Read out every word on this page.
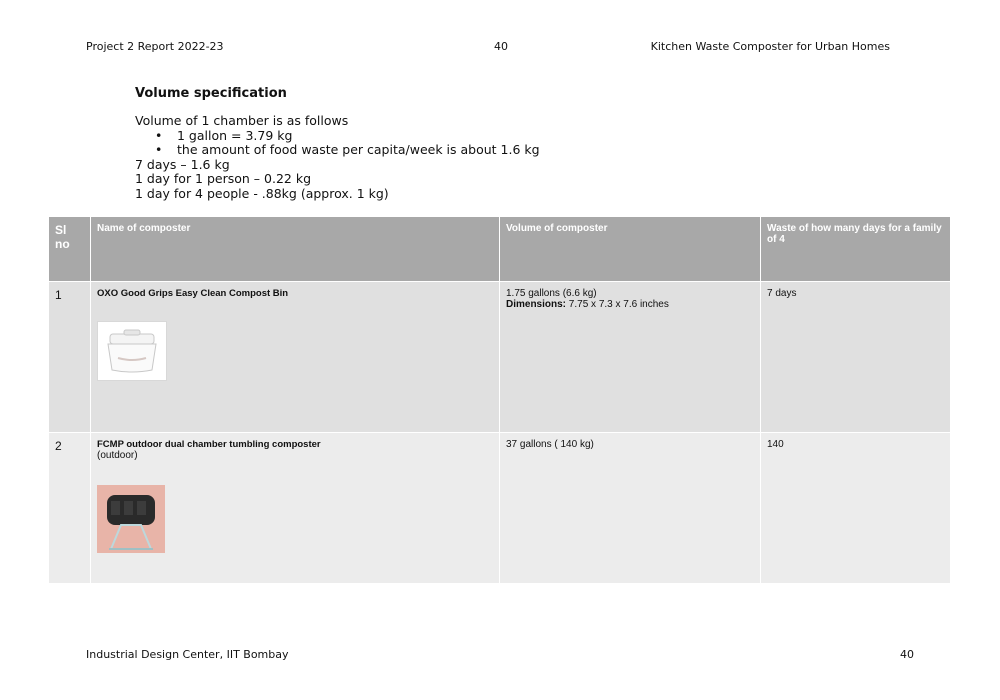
Project 2 Report 2022-23	40	Kitchen Waste Composter for Urban Homes
Volume specification
Volume of 1 chamber is as follows
• 1 gallon = 3.79 kg
• the amount of food waste per capita/week is about 1.6 kg
7 days – 1.6 kg
1 day for 1 person – 0.22 kg
1 day for 4 people - .88kg (approx. 1 kg)
Sl no	Name of composter	Volume of composter	Waste of how many days for a family of 4
1	OXO Good Grips Easy Clean Compost Bin	1.75 gallons (6.6 kg)
Dimensions: 7.75 x 7.3 x 7.6 inches	7 days
2	FCMP outdoor dual chamber tumbling composter
(outdoor)	37 gallons ( 140 kg)	140
Industrial Design Center, IIT Bombay	40
